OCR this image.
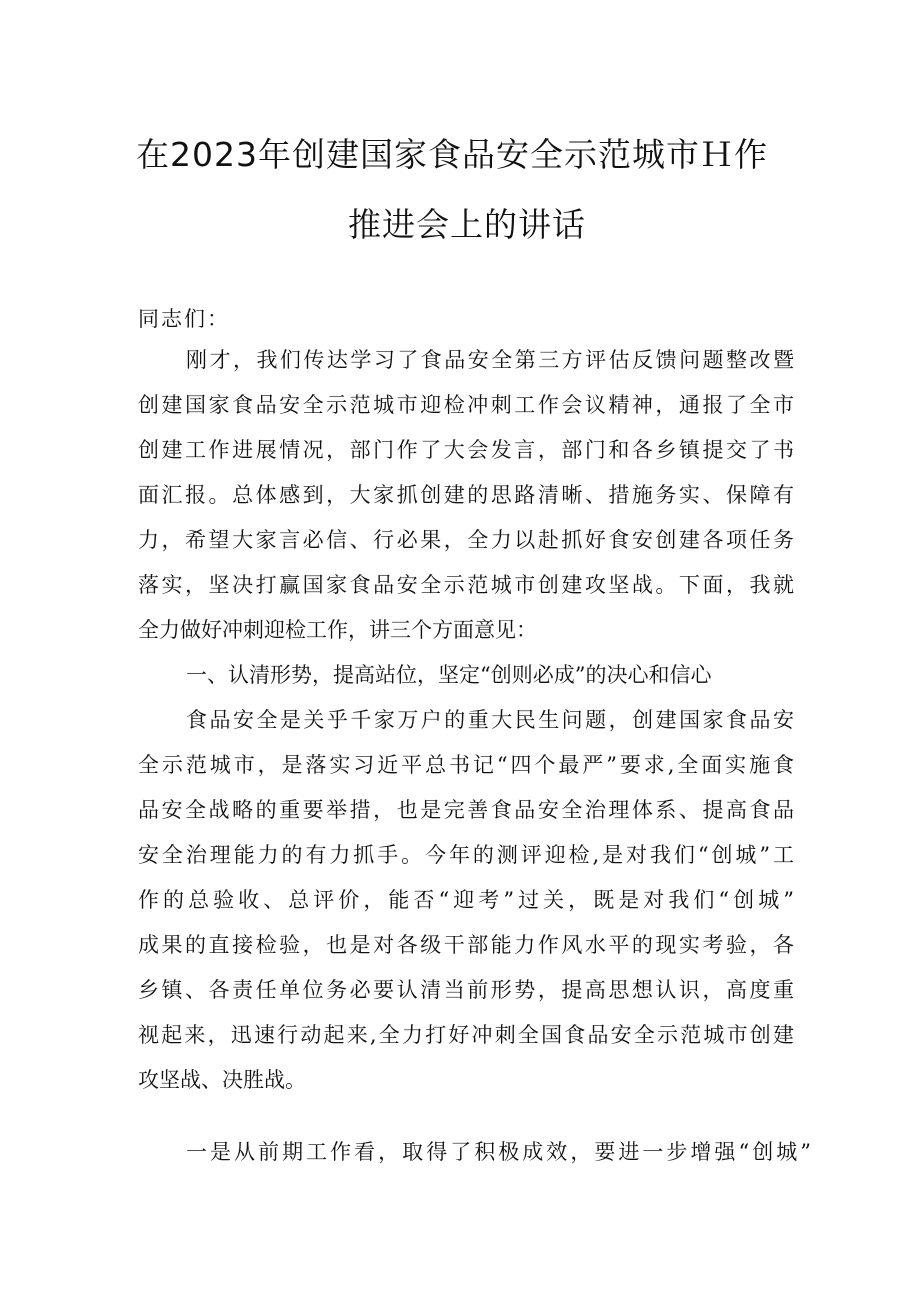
在2023年创建国家食品安全示范城市Ｈ作
推进会上的讲话
同志们：
刚才，我们传达学习了食品安全第三方评估反馈问题整改暨
创建国家食品安全示范城市迎检冲刺工作会议精神，通报了全市
创建工作进展情况，部门作了大会发言，部门和各乡镇提交了书
面汇报。总体感到，大家抓创建的思路清晰、措施务实、保障有
力，希望大家言必信、行必果，全力以赴抓好食安创建各项任务
落实，坚决打赢国家食品安全示范城市创建攻坚战。下面，我就
全力做好冲刺迎检工作，讲三个方面意见：
一、认清形势，提高站位，坚定“创则必成”的决心和信心
食品安全是关乎千家万户的重大民生问题，创建国家食品安
全示范城市，是落实习近平总书记“四个最严”要求,全面实施食
品安全战略的重要举措，也是完善食品安全治理体系、提高食品
安全治理能力的有力抓手。今年的测评迎检,是对我们“创城”工
作的总验收、总评价，能否“迎考”过关，既是对我们“创城”
成果的直接检验，也是对各级干部能力作风水平的现实考验，各
乡镇、各责任单位务必要认清当前形势，提高思想认识，高度重
视起来，迅速行动起来,全力打好冲刺全国食品安全示范城市创建
攻坚战、决胜战。
一是从前期工作看，取得了积极成效，要进一步增强“创城”
